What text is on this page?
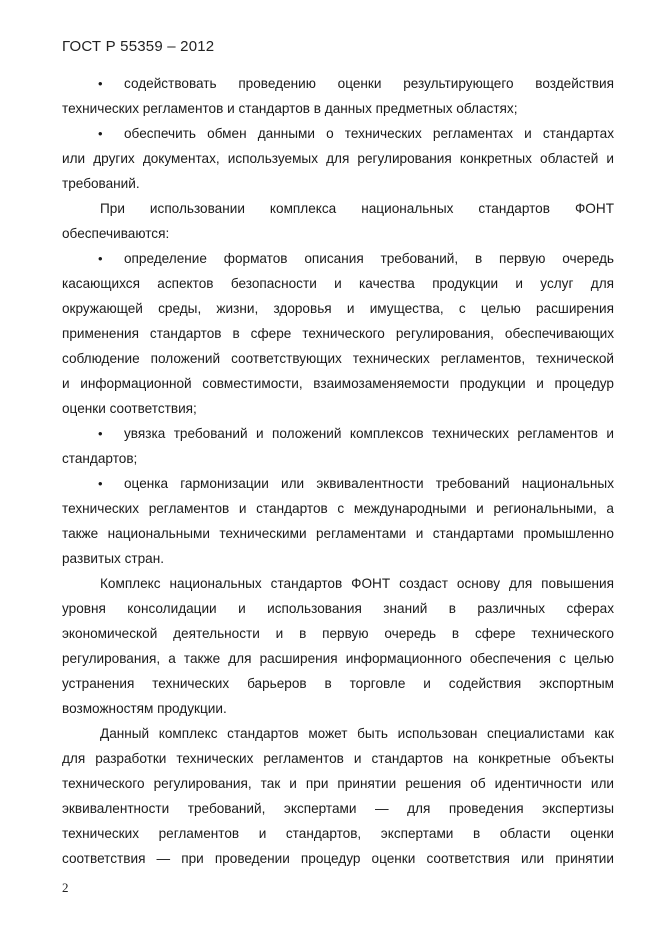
ГОСТ Р 55359 – 2012
•	содействовать проведению оценки результирующего воздействия
технических регламентов и стандартов в данных предметных областях;
•	обеспечить обмен данными о технических регламентах и стандартах
или других документах, используемых для регулирования конкретных областей и
требований.
При использовании комплекса национальных стандартов ФОНТ
обеспечиваются:
•	определение форматов описания требований, в первую очередь
касающихся аспектов безопасности и качества продукции и услуг для
окружающей среды, жизни, здоровья и имущества, с целью расширения
применения стандартов в сфере технического регулирования, обеспечивающих
соблюдение положений соответствующих технических регламентов, технической
и информационной совместимости, взаимозаменяемости продукции и процедур
оценки соответствия;
•	увязка требований и положений комплексов технических регламентов и
стандартов;
•	оценка гармонизации или эквивалентности требований национальных
технических регламентов и стандартов с международными и региональными, а
также национальными техническими регламентами и стандартами промышленно
развитых стран.
Комплекс национальных стандартов ФОНТ создаст основу для повышения
уровня консолидации и использования знаний в различных сферах
экономической деятельности и в первую очередь в сфере технического
регулирования, а также для расширения информационного обеспечения с целью
устранения технических барьеров в торговле и содействия экспортным
возможностям продукции.
Данный комплекс стандартов может быть использован специалистами как
для разработки технических регламентов и стандартов на конкретные объекты
технического регулирования, так и при принятии решения об идентичности или
эквивалентности требований, экспертами — для проведения экспертизы
технических регламентов и стандартов, экспертами в области оценки
соответствия — при проведении процедур оценки соответствия или принятии
2
